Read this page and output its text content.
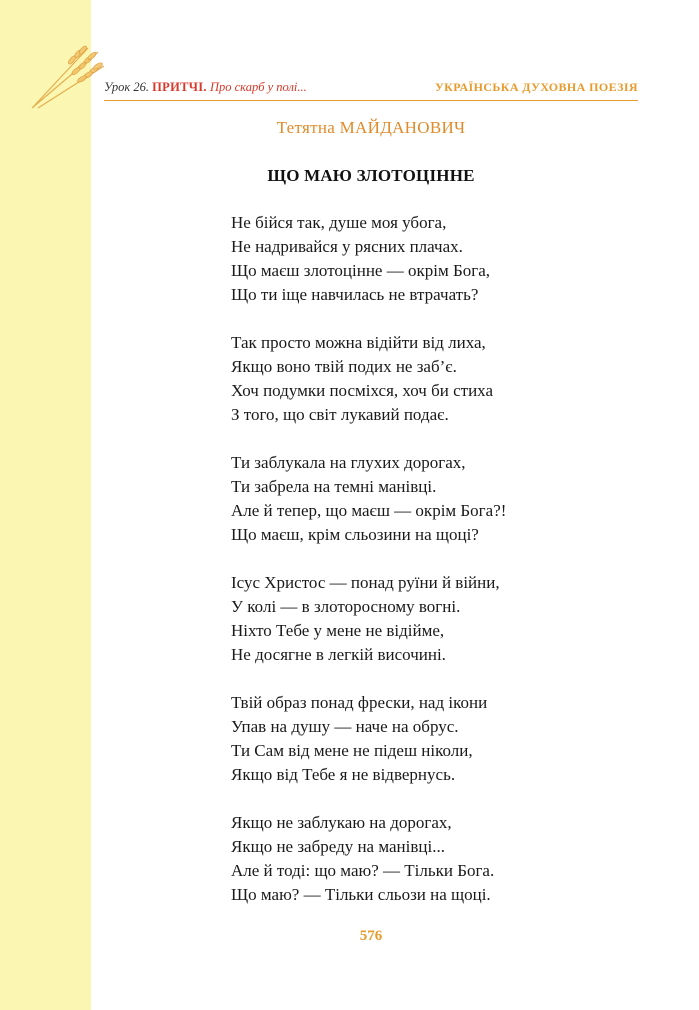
Урок 26. ПРИТЧІ. Про скарб у полі...	УКРАЇНСЬКА ДУХОВНА ПОЕЗІЯ
Тетятна МАЙДАНОВИЧ
ЩО МАЮ ЗЛОТОЦІННЕ
Не бійся так, душе моя убога,
Не надривайся у рясних плачах.
Що маєш злотоцінне — окрім Бога,
Що ти іще навчилась не втрачать?
Так просто можна відійти від лиха,
Якщо воно твій подих не заб’є.
Хоч подумки посміхся, хоч би стиха
З того, що світ лукавий подає.
Ти заблукала на глухих дорогах,
Ти забрела на темні манівці.
Але й тепер, що маєш — окрім Бога?!
Що маєш, крім сльозини на щоці?
Ісус Христос — понад руїни й війни,
У колі — в злоторосному вогні.
Ніхто Тебе у мене не відійме,
Не досягне в легкій височині.
Твій образ понад фрески, над ікони
Упав на душу — наче на обрус.
Ти Сам від мене не підеш ніколи,
Якщо від Тебе я не відвернусь.
Якщо не заблукаю на дорогах,
Якщо не забреду на манівці...
Але й тоді: що маю? — Тільки Бога.
Що маю? — Тільки сльози на щоці.
576
